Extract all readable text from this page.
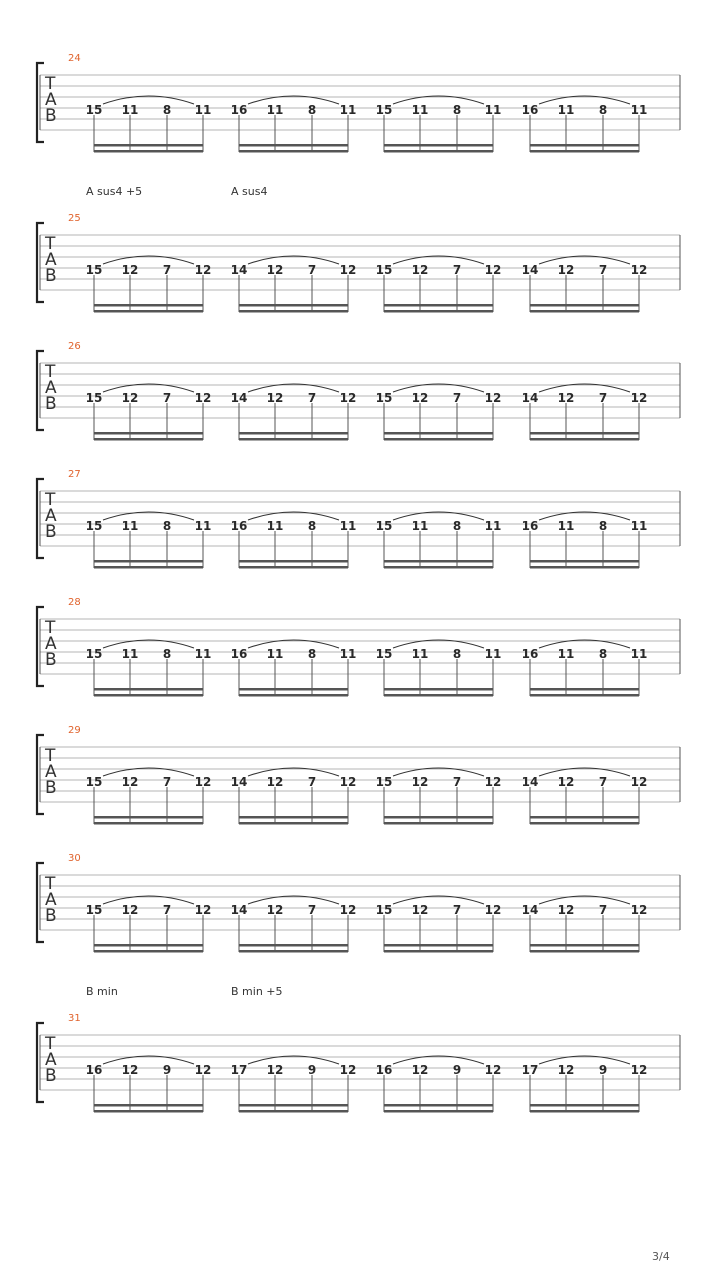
24
T
A
B 15 11 8 11 16 11 8 11 15 11 8 11 16 11 8 11
25
A sus4 +5	A sus4
T
A
B 15 12 7 12 14 12 7 12 15 12 7 12 14 12 7 12
26
T
A
B 15 12 7 12 14 12 7 12 15 12 7 12 14 12 7 12
27
T
A
B 15 11 8 11 16 11 8 11 15 11 8 11 16 11 8 11
28
T
A
B 15 11 8 11 16 11 8 11 15 11 8 11 16 11 8 11
29
T
A
B 15 12 7 12 14 12 7 12 15 12 7 12 14 12 7 12
30
T
A
B 15 12 7 12 14 12 7 12 15 12 7 12 14 12 7 12
31
B min	B min +5
T
A
B 16 12 9 12 17 12 9 12 16 12 9 12 17 12 9 12
3/4
